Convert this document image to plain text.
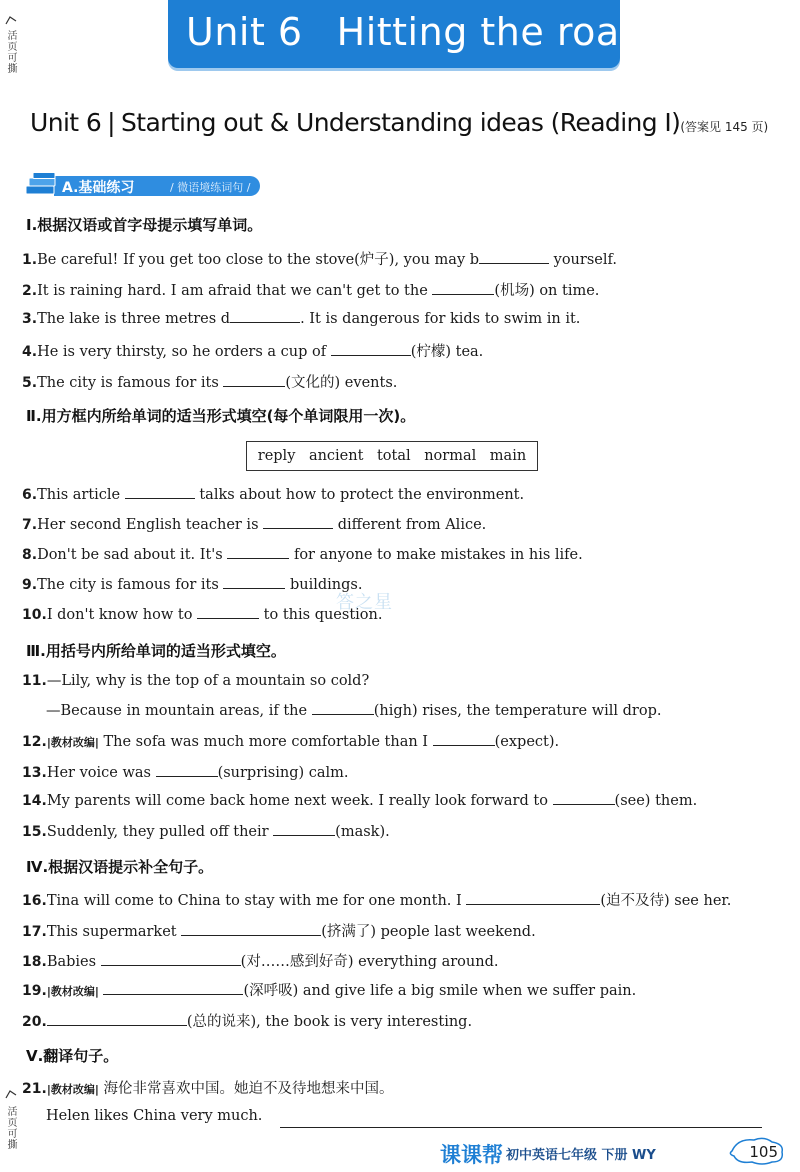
活页可撕
活页可撕
Unit 6 Hitting the road
Unit 6 | Starting out & Understanding ideas (Reading Ⅰ)(答案见 145 页)
A.基础练习	/ 微语境练词句 /
Ⅰ.根据汉语或首字母提示填写单词。
1.Be careful! If you get too close to the stove(炉子), you may b	yourself.
2.It is raining hard. I am afraid that we can't get to the	(机场) on time.
3.The lake is three metres d	. It is dangerous for kids to swim in it.
4.He is very thirsty, so he orders a cup of	(柠檬) tea.
5.The city is famous for its	(文化的) events.
Ⅱ.用方框内所给单词的适当形式填空(每个单词限用一次)。
reply ancient total normal main
6.This article	talks about how to protect the environment.
7.Her second English teacher is	different from Alice.
8.Don't be sad about it. It's	for anyone to make mistakes in his life.
9.The city is famous for its	buildings.
10.I don't know how to	to this question.
答之星
Ⅲ.用括号内所给单词的适当形式填空。
11.—Lily, why is the top of a mountain so cold?
—Because in mountain areas, if the	(high) rises, the temperature will drop.
12.|教材改编| The sofa was much more comfortable than I	(expect).
13.Her voice was	(surprising) calm.
14.My parents will come back home next week. I really look forward to	(see) them.
15.Suddenly, they pulled off their	(mask).
Ⅳ.根据汉语提示补全句子。
16.Tina will come to China to stay with me for one month. I	(迫不及待) see her.
17.This supermarket	(挤满了) people last weekend.
18.Babies	(对……感到好奇) everything around.
19.|教材改编|	(深呼吸) and give life a big smile when we suffer pain.
20.	(总的说来), the book is very interesting.
Ⅴ.翻译句子。
21.|教材改编| 海伦非常喜欢中国。她迫不及待地想来中国。
Helen likes China very much.
课课帮 初中英语七年级 下册 WY	105
